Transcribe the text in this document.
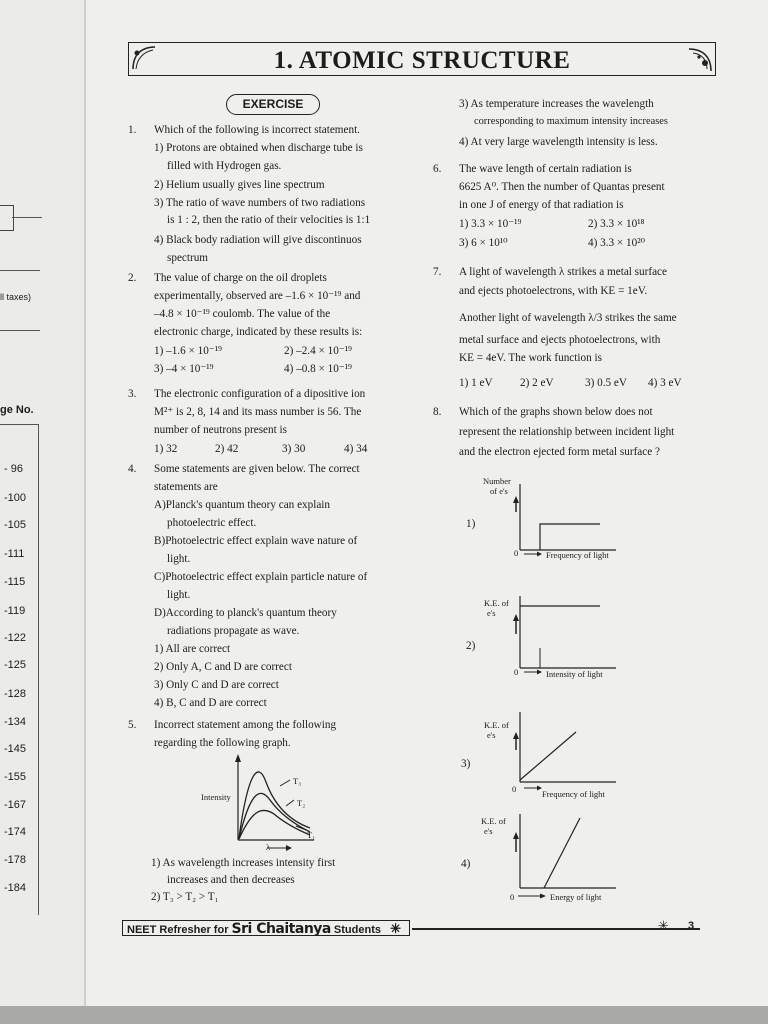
ll taxes)
ge No.
- 96
-100
-105
-111
-115
-119
-122
-125
-128
-134
-145
-155
-167
-174
-178
-184
1. ATOMIC STRUCTURE
EXERCISE
1. Which of the following is incorrect statement.
1) Protons are obtained when discharge tube is
filled with Hydrogen gas.
2) Helium usually gives line spectrum
3) The ratio of wave numbers of two radiations
is 1 : 2, then the ratio of their velocities is 1:1
4) Black body radiation will give discontinuos
spectrum
2. The value of charge on the oil droplets
experimentally, observed are –1.6 × 10⁻¹⁹ and
–4.8 × 10⁻¹⁹ coulomb. The value of the
electronic charge, indicated by these results is:
1) –1.6 × 10⁻¹⁹	2) –2.4 × 10⁻¹⁹
3) –4 × 10⁻¹⁹	4) –0.8 × 10⁻¹⁹
3. The electronic configuration of a dipositive ion
M²⁺ is 2, 8, 14 and its mass number is 56. The
number of neutrons present is
1) 32	2) 42	3) 30	4) 34
4. Some statements are given below. The correct
statements are
A)Planck's quantum theory can explain
photoelectric effect.
B)Photoelectric effect explain wave nature of
light.
C)Photoelectric effect explain particle nature of
light.
D)According to planck's quantum theory
radiations propagate as wave.
1) All are correct
2) Only A, C and D are correct
3) Only C and D are correct
4) B, C and D are correct
5. Incorrect statement among the following
regarding the following graph.
Intensity
λ
T₃
T₂
T₁
1) As wavelength increases intensity first
increases and then decreases
2) T₃ > T₂ > T₁
3) As temperature increases the wavelength
corresponding to maximum intensity increases
4) At very large wavelength intensity is less.
6. The wave length of certain radiation is
6625 A⁰. Then the number of Quantas present
in one J of energy of that radiation is
1) 3.3 × 10⁻¹⁹	2) 3.3 × 10¹⁸
3) 6 × 10¹⁰	4) 3.3 × 10²⁰
7. A light of wavelength λ strikes a metal surface
and ejects photoelectrons, with KE = 1eV.
Another light of wavelength λ/3 strikes the same
metal surface and ejects photoelectrons, with
KE = 4eV. The work function is
1) 1 eV 2) 2 eV	3) 0.5 eV 4) 3 eV
8. Which of the graphs shown below does not
represent the relationship between incident light
and the electron ejected form metal surface ?
1)
Number
of e's
0	Frequency of light
2)
K.E. of
e's
0	Intensity of light
3)
K.E. of
e's
0	Frequency of light
4)
K.E. of
e's
0	Energy of light
NEET Refresher for Sri Chaitanya Students ✳	✳ 3
